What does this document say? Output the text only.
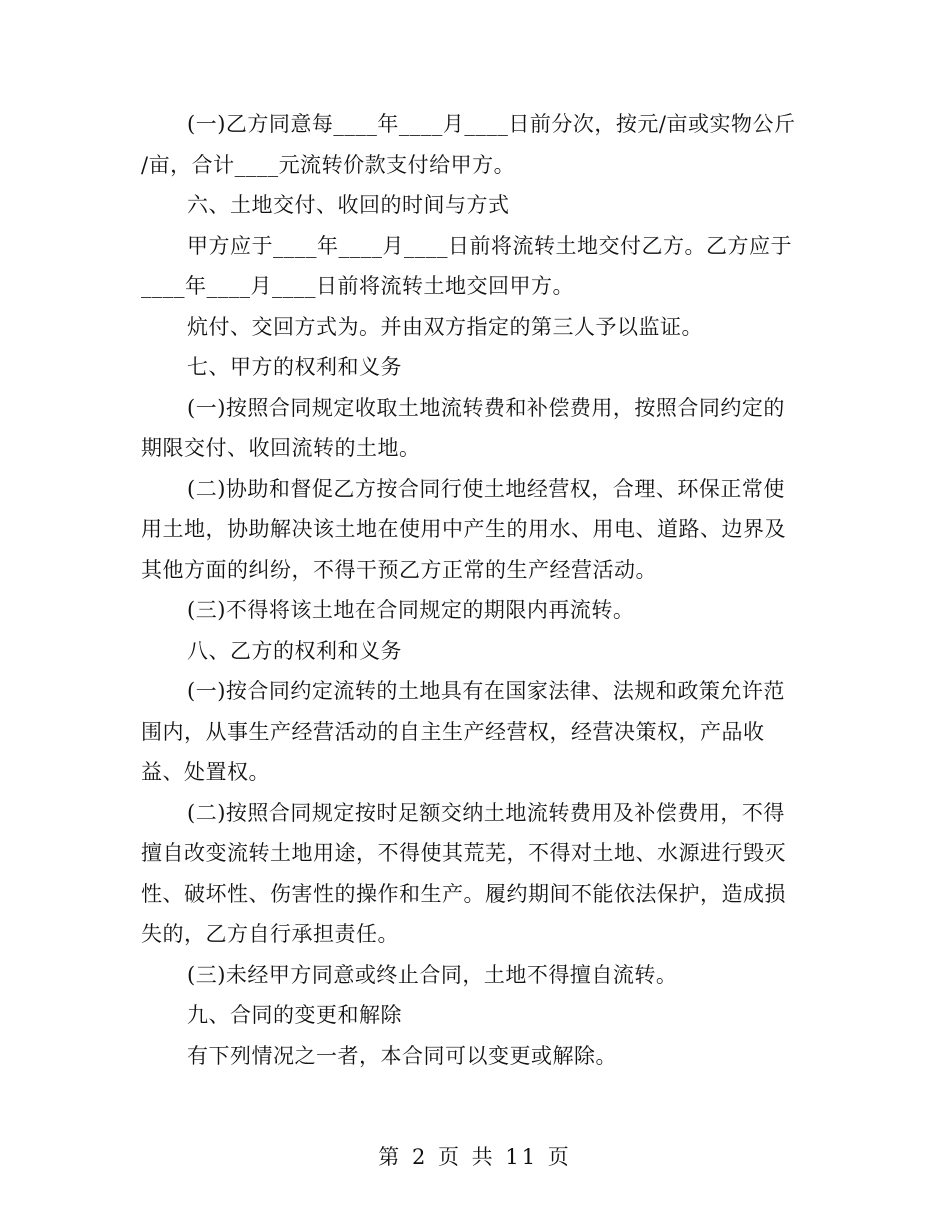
(一)乙方同意每____年____月____日前分次，按元/亩或实物公斤
/亩，合计____元流转价款支付给甲方。
六、土地交付、收回的时间与方式
甲方应于____年____月____日前将流转土地交付乙方。乙方应于
____年____月____日前将流转土地交回甲方。
炕付、交回方式为。并由双方指定的第三人予以监证。
七、甲方的权利和义务
(一)按照合同规定收取土地流转费和补偿费用，按照合同约定的
期限交付、收回流转的土地。
(二)协助和督促乙方按合同行使土地经营权，合理、环保正常使
用土地，协助解决该土地在使用中产生的用水、用电、道路、边界及
其他方面的纠纷，不得干预乙方正常的生产经营活动。
(三)不得将该土地在合同规定的期限内再流转。
八、乙方的权利和义务
(一)按合同约定流转的土地具有在国家法律、法规和政策允许范
围内，从事生产经营活动的自主生产经营权，经营决策权，产品收
益、处置权。
(二)按照合同规定按时足额交纳土地流转费用及补偿费用，不得
擅自改变流转土地用途，不得使其荒芜，不得对土地、水源进行毁灭
性、破坏性、伤害性的操作和生产。履约期间不能依法保护，造成损
失的，乙方自行承担责任。
(三)未经甲方同意或终止合同，土地不得擅自流转。
九、合同的变更和解除
有下列情况之一者，本合同可以变更或解除。
第 2 页 共 11 页
